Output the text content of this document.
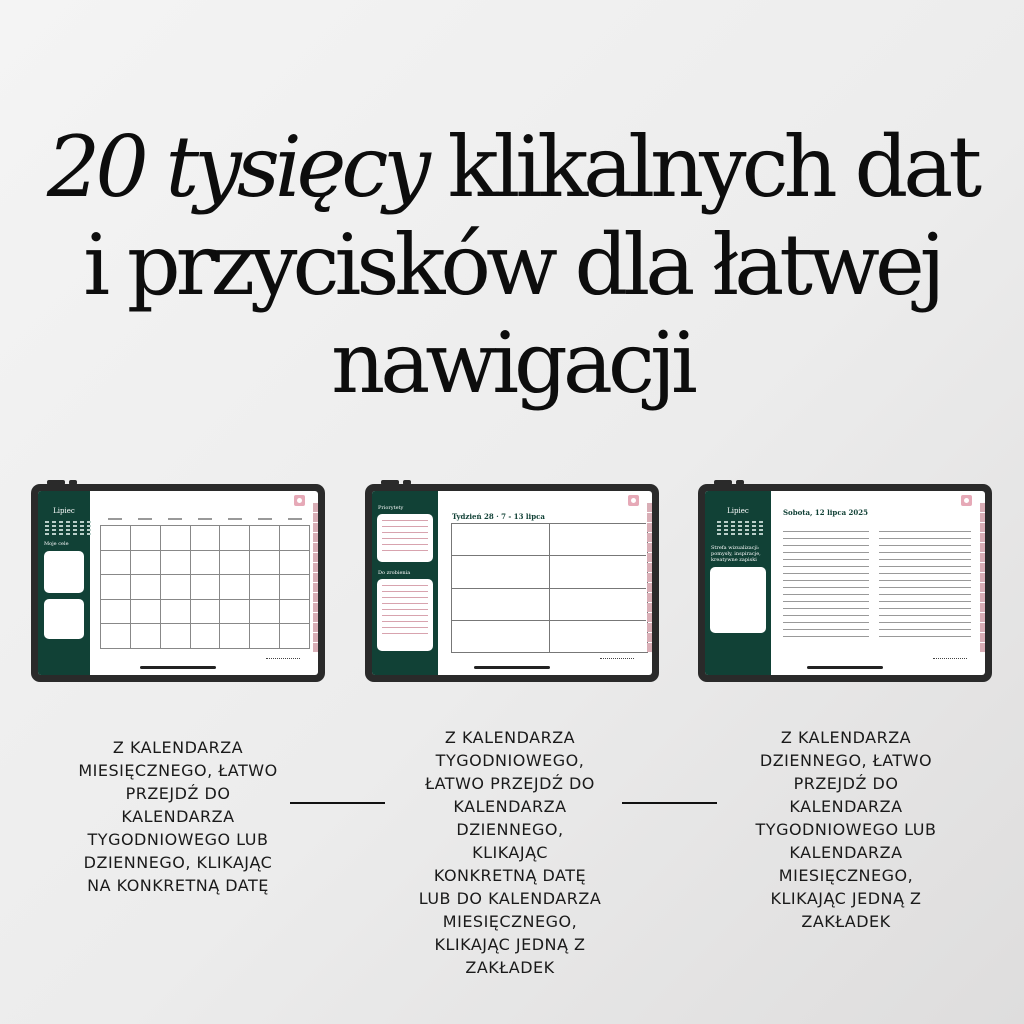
20 tysięcy klikalnych dat
i przycisków dla łatwej
nawigacji
Lipiec
Moje cele
Priorytety
Do zrobienia
Tydzień 28 · 7 - 13 lipca
Lipiec
Strefa wizualizacji: pomysły, inspiracje, kreatywne zapiski
Sobota, 12 lipca 2025
Z KALENDARZA
MIESIĘCZNEGO, ŁATWO
PRZEJDŹ DO
KALENDARZA
TYGODNIOWEGO LUB
DZIENNEGO, KLIKAJĄC
NA KONKRETNĄ DATĘ
Z KALENDARZA
TYGODNIOWEGO,
ŁATWO PRZEJDŹ DO
KALENDARZA
DZIENNEGO,
KLIKAJĄC
KONKRETNĄ DATĘ
LUB DO KALENDARZA
MIESIĘCZNEGO,
KLIKAJĄC JEDNĄ Z
ZAKŁADEK
Z KALENDARZA
DZIENNEGO, ŁATWO
PRZEJDŹ DO
KALENDARZA
TYGODNIOWEGO LUB
KALENDARZA
MIESIĘCZNEGO,
KLIKAJĄC JEDNĄ Z
ZAKŁADEK
